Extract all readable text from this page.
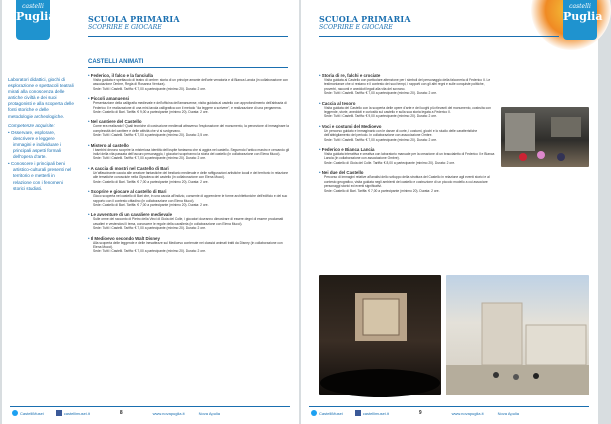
castelli
Puglia	SCUOLA PRIMARIA
SCOPRIRE E GIOCARE
CASTELLI ANIMATI
Laboratori didattici, giochi di esplorazione e spettacoli teatrali mirati alla conoscenza delle antiche civiltà e dei suoi protagonisti e alla scoperta delle fonti storiche e delle metodologie archeologiche.
Competenze acquisite:
• Osservare, esplorare, descrivere e leggere immagini e individuare i principali aspetti formali dell'opera d'arte.
• Conoscere i principali beni artistico-culturali presenti nel territorio e metterli in relazione con i fenomeni storici studiati.
• Federico, il falco e la fanciulla
Visita guidata e spettacolo di teatro di ombre: storia di un principe amante dell'arte venatoria e di Bianca Lancia (in collaborazione con associazione Ombre, Regia di Rosanna Ventura).
Sede: Tutti i Castelli. Tariffa: € 7,00 a partecipante (minimo 20). Durata: 2 ore.
• Piccoli amanuensi
Presentazione della calligrafia medievale e dell'officina dell'amanuense, visita guidata al castello con approfondimento dell'abbazia di Federico II e realizzazione di una mini-tavola calligrafica con il metodo "da leggere a scrivere", e realizzazione di una pergamena.
Sede: Castello di Bari. Tariffa: € 9,00 a partecipante (minimo 20). Durata: 2 ore.
• Nel cantiere del Castello
Come era realizzato? Quali tecniche di costruzione medievali attraverso l'esplorazione del monumento, la percezione di immaginare la complessità del cantiere e delle attività che vi si svolgevano.
Sede: Tutti i Castelli. Tariffa: € 7,00 a partecipante (minimo 20). Durata: 2,5 ore.
• Mistero al castello
I bambini devono scoprire la misteriosa identità dell'ospite fantasma che si aggira nel castello. Seguendo l'antico mastro e cercando gli indizi della vita passata dell'oscuro personaggio, i giocatori scopriranno la storia del castello (in collaborazione con Elena Mucci).
Sede: Tutti i Castelli. Tariffa: € 7,00 a partecipante (minimo 20). Durata: 2 ore.
• A caccia di mostri nel Castello di Bari
Un'affascinante caccia alle creature fantastiche del bestiario medievale e delle raffigurazioni artistiche locali e del territorio in relazione alle tematiche conosciute nella Gipsoteca del castello (in collaborazione con Elena Mucci).
Sede: Castello di Bari. Tariffa: € 7,00 a partecipante (minimo 20). Durata: 2 ore.
• Scoprire e giocare al castello di Bari
Gioco scoperta nel castello di Bari che, in una caccia all'indizio, consente di apprendere le forme architettoniche dell'edificio e del suo rapporto con il contesto cittadino (in collaborazione con Elena Mucci).
Sede: Castello di Bari. Tariffa: € 7,00 a partecipante (minimo 20). Durata: 2 ore.
• Le avventure di un cavaliere medievale
Sulle orme del racconto di Pietro della Vinci di Gioia del Colle, i giocatori dovranno dimostrare di essere degni di essere proclamati cavalieri e vestendosi li tema, conoscere le regole della cavalleria (in collaborazione con Elena Mucci).
Sede: Tutti i Castelli. Tariffa: € 7,00 a partecipante (minimo 20). Durata: 2 ore.
• Il Medioevo secondo Walt Disney
Alla scoperta delle leggende e delle inesattezze sul Medioevo contenute nei classici animati tratti da Disney (in collaborazione con Elena Mucci).
Sede: Tutti i Castelli. Tariffa: € 7,00 a partecipante (minimo 20). Durata: 2 ore.
CastelliMusei	castellimusei.it	8	www.novapuglia.it	Nova Apulia
castelli
Puglia
SCUOLA PRIMARIA
SCOPRIRE E GIOCARE
• Storia di re, falchi e crociate
Visita guidata al Castello con particolare attenzione per i simboli del personaggio della falconeria di Federico II. Le testimonianze che ci restano e il contesto dei suoi tempi, i rapporti con gli altri regni e sulle conquiste politiche, proverbi, racconti e aneddoti legati alla vita del sovrano.
Sede: Tutti i Castelli. Tariffa: € 7,00 a partecipante (minimo 20). Durata: 2 ore.
• Caccia al tesoro
Visita guidata del Castello con la scoperta delle opere d'arte e dei luoghi più rilevanti del monumento, costruita con leggende, storie, aneddoti e curiosità sul castello e sulla sua storia legata a Federico II.
Sede: Tutti i Castelli. Tariffa: € 9,00 a partecipante (minimo 20). Durata: 2 ore.
• Voci e costumi del Medioevo
Un percorso guidato e immaginario con le danze di corte, i costumi, giochi e lo studio delle caratteristiche dell'abbigliamento del periodo. In collaborazione con associazione Ombre.
Sede: Tutti i Castelli. Tariffa: € 7,00 a partecipante (minimo 20). Durata: 2 ore.
• Federico e Bianca Lancia
Visita guidata interattiva e creativa con laboratorio manuale per la creazione di un braccialetto di Federico II e Bianca Lancia (in collaborazione con associazione Ombre).
Sede: Castello di Gioia del Colle. Tariffa: € 8,00 a partecipante (minimo 20). Durata: 2 ore.
• Nei due del Castello
Percorso di immagini relative all'analisi dello sviluppo della struttura del Castello in relazione agli eventi storici e al contesto geografico, visita guidata negli ambienti del castello e costruzione di un piccolo modello a cui associare personaggi storici ed eventi significativi.
Sede: Castello di Bari. Tariffa: € 7,00 a partecipante (minimo 20). Durata: 2 ore.
CastelliMusei	castellimusei.it	9	www.novapuglia.it	Nova Apulia
